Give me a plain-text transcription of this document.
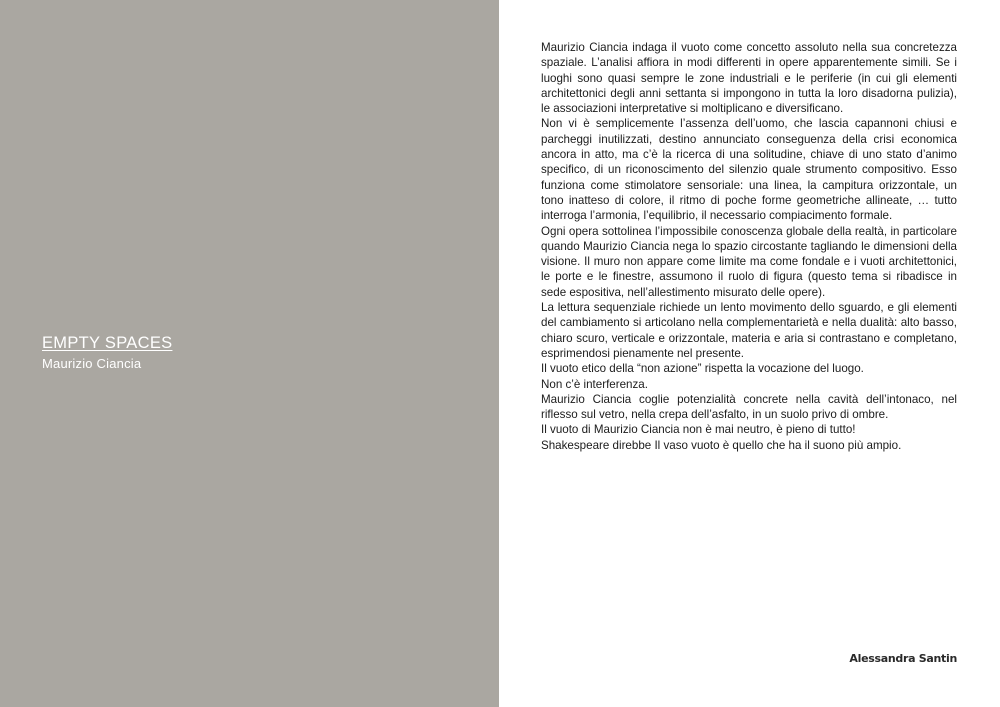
EMPTY SPACES

Maurizio Ciancia

Maurizio Ciancia indaga il vuoto come concetto assoluto nella sua concretezza spaziale. L’analisi affiora in modi differenti in opere apparentemente simili. Se i luoghi sono quasi sempre le zone industriali e le periferie (in cui gli elementi architettonici degli anni settanta si impongono in tutta la loro disadorna pulizia), le associazioni interpretative si moltiplicano e diversificano.
Non vi è semplicemente l’assenza dell’uomo, che lascia capannoni chiusi e parcheggi inutilizzati, destino annunciato conseguenza della crisi economica ancora in atto, ma c’è la ricerca di una solitudine, chiave di uno stato d’animo specifico, di un riconoscimento del silenzio quale strumento compositivo. Esso funziona come stimolatore sensoriale: una linea, la campitura orizzontale, un tono inatteso di colore, il ritmo di poche forme geometriche allineate, … tutto interroga l’armonia, l’equilibrio, il necessario compiacimento formale.
Ogni opera sottolinea l’impossibile conoscenza globale della realtà, in particolare quando Maurizio Ciancia nega lo spazio circostante tagliando le dimensioni della visione. Il muro non appare come limite ma come fondale e i vuoti architettonici, le porte e le finestre, assumono il ruolo di figura (questo tema si ribadisce in sede espositiva, nell’allestimento misurato delle opere).
La lettura sequenziale richiede un lento movimento dello sguardo, e gli elementi del cambiamento si articolano nella complementarietà e nella dualità: alto basso, chiaro scuro, verticale e orizzontale, materia e aria si contrastano e completano, esprimendosi pienamente nel presente.
Il vuoto etico della “non azione” rispetta la vocazione del luogo.
Non c’è interferenza.
Maurizio Ciancia coglie potenzialità concrete nella cavità dell’intonaco, nel riflesso sul vetro, nella crepa dell’asfalto, in un suolo privo di ombre.
Il vuoto di Maurizio Ciancia non è mai neutro, è pieno di tutto!
Shakespeare direbbe Il vaso vuoto è quello che ha il suono più ampio.

Alessandra Santin
